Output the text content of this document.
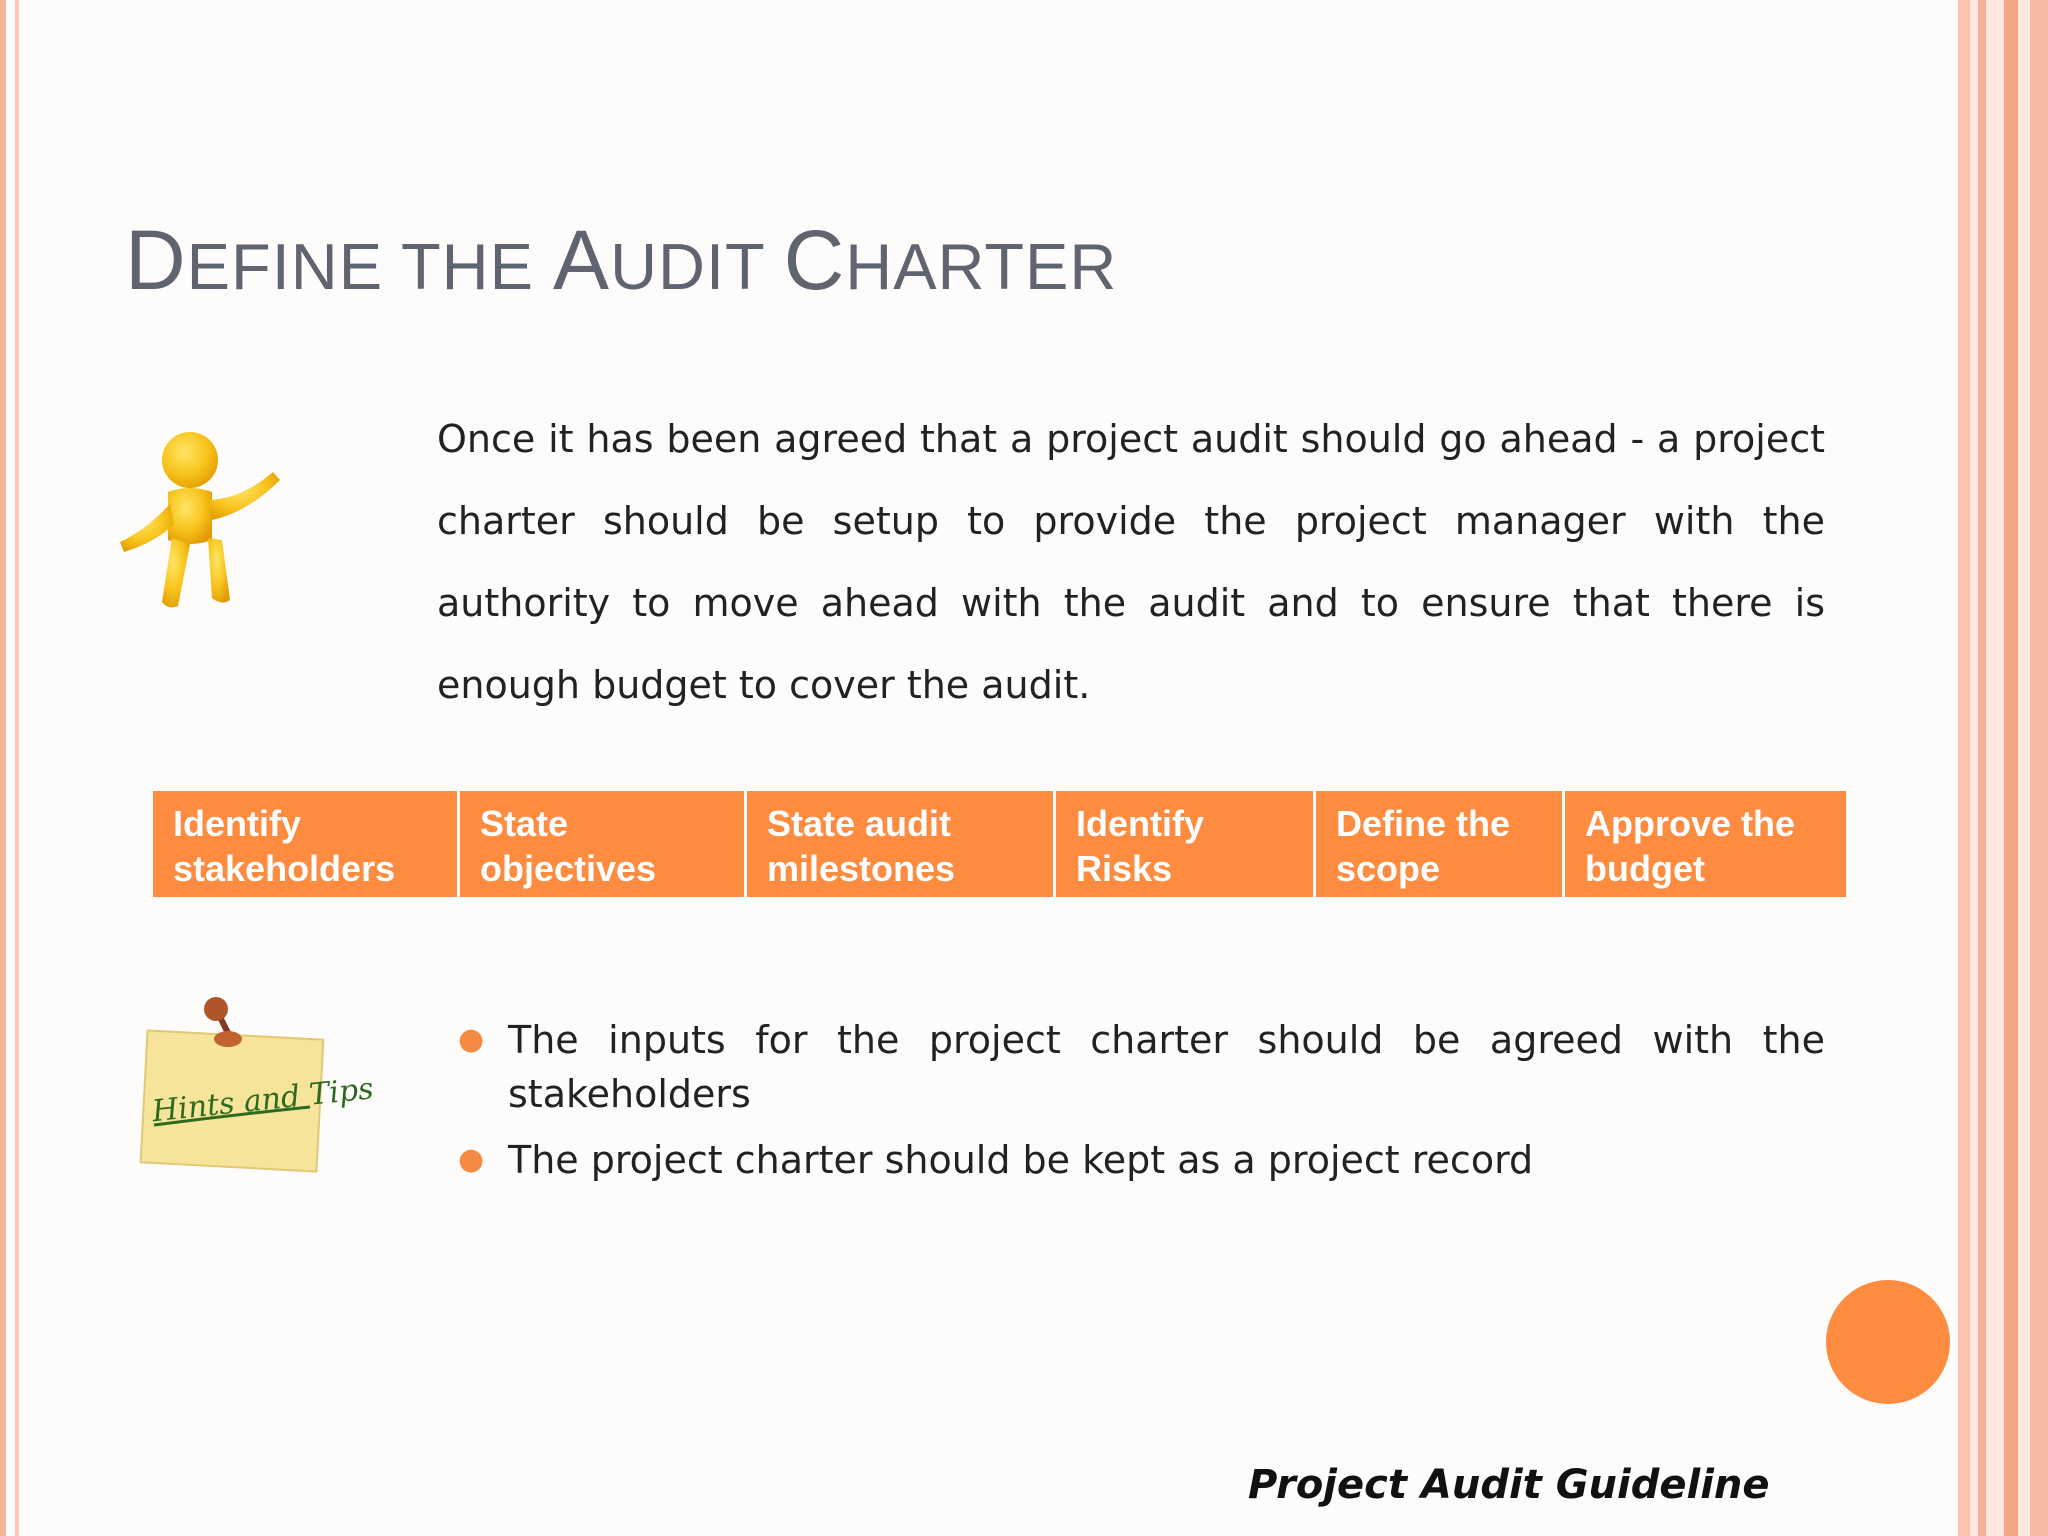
DEFINE THE AUDIT CHARTER
Once it has been agreed that a project audit should go ahead - a project charter should be setup to provide the project manager with the authority to move ahead with the audit and to ensure that there is enough budget to cover the audit.
Identify
stakeholders
State
objectives
State audit
milestones
Identify
Risks
Define the
scope
Approve the
budget
Hints and Tips
● The inputs for the project charter should be agreed with the stakeholders
● The project charter should be kept as a project record
Project Audit Guideline
